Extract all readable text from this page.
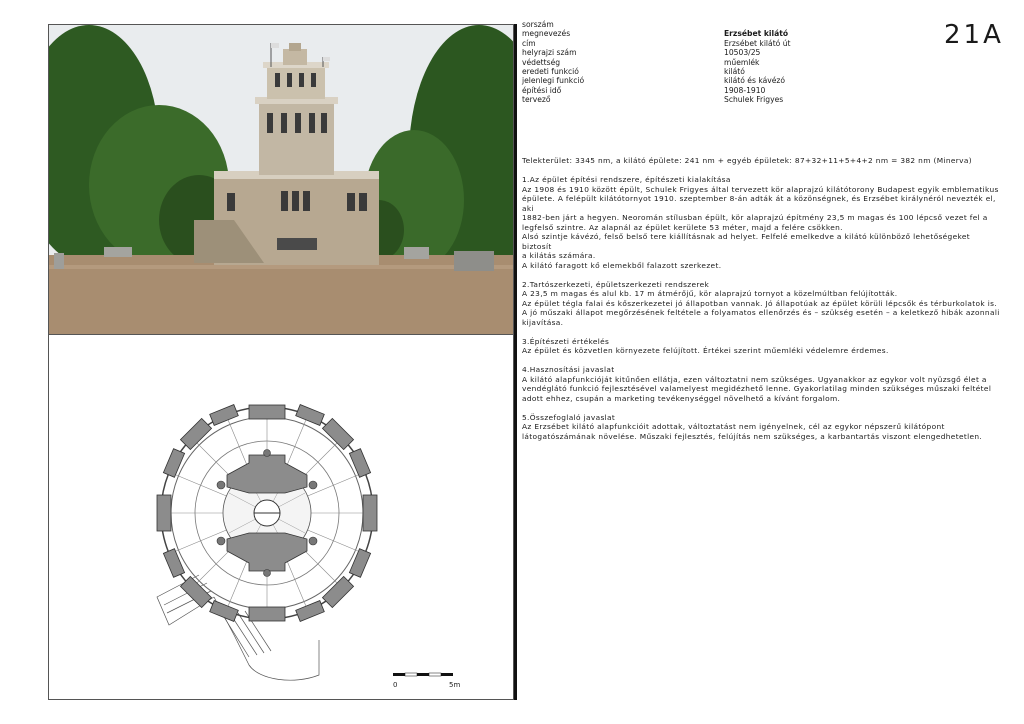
0	5m
21A
sorszám
megnevezés	Erzsébet kilátó
cím	Erzsébet kilátó út
helyrajzi szám	10503/25
védettség	műemlék
eredeti funkció	kilátó
jelenlegi funkció	kilátó és kávézó
építési idő	1908-1910
tervező	Schulek Frigyes

Telekterület: 3345 nm, a kilátó épülete: 241 nm + egyéb épületek: 87+32+11+5+4+2 nm = 382 nm (Minerva)

1.Az épület építési rendszere, építészeti kialakítása

Az 1908 és 1910 között épült, Schulek Frigyes által tervezett kör alaprajzú kilátótorony Budapest egyik emblematikus

épülete. A felépült kilátótornyot 1910. szeptember 8-án adták át a közönségnek, és Erzsébet királynéról nevezték el, aki

1882-ben járt a hegyen. Neoromán stílusban épült, kör alaprajzú építmény 23,5 m magas és 100 lépcső vezet fel a

legfelső szintre. Az alapnál az épület kerülete 53 méter, majd a felére csökken.

Alsó szintje kávézó, felső belső tere kiállításnak ad helyet. Felfelé emelkedve a kilátó különböző lehetőségeket biztosít

a kilátás számára.

A kilátó faragott kő elemekből falazott szerkezet.

2.Tartószerkezeti, épületszerkezeti rendszerek

A 23,5 m magas és alul kb. 17 m átmérőjű, kör alaprajzú tornyot a közelmúltban felújították.

Az épület tégla falai és kőszerkezetei jó állapotban vannak. Jó állapotúak az épület körüli lépcsők és térburkolatok is.

A jó műszaki állapot megőrzésének feltétele a folyamatos ellenőrzés és – szükség esetén – a keletkező hibák azonnali

kijavítása.

3.Építészeti értékelés

Az épület és közvetlen környezete felújított. Értékei szerint műemléki védelemre érdemes.

4.Hasznosítási javaslat

A kilátó alapfunkcióját kitűnően ellátja, ezen változtatni nem szükséges. Ugyanakkor az egykor volt nyüzsgő élet a

vendéglátó funkció fejlesztésével valamelyest megidézhető lenne. Gyakorlatilag minden szükséges műszaki feltétel

adott ehhez, csupán a marketing tevékenységgel növelhető a kívánt forgalom.

5.Összefoglaló javaslat

Az Erzsébet kilátó alapfunkcióit adottak, változtatást nem igényelnek, cél az egykor népszerű kilátópont

látogatószámának növelése. Műszaki fejlesztés, felújítás nem szükséges, a karbantartás viszont elengedhetetlen.
